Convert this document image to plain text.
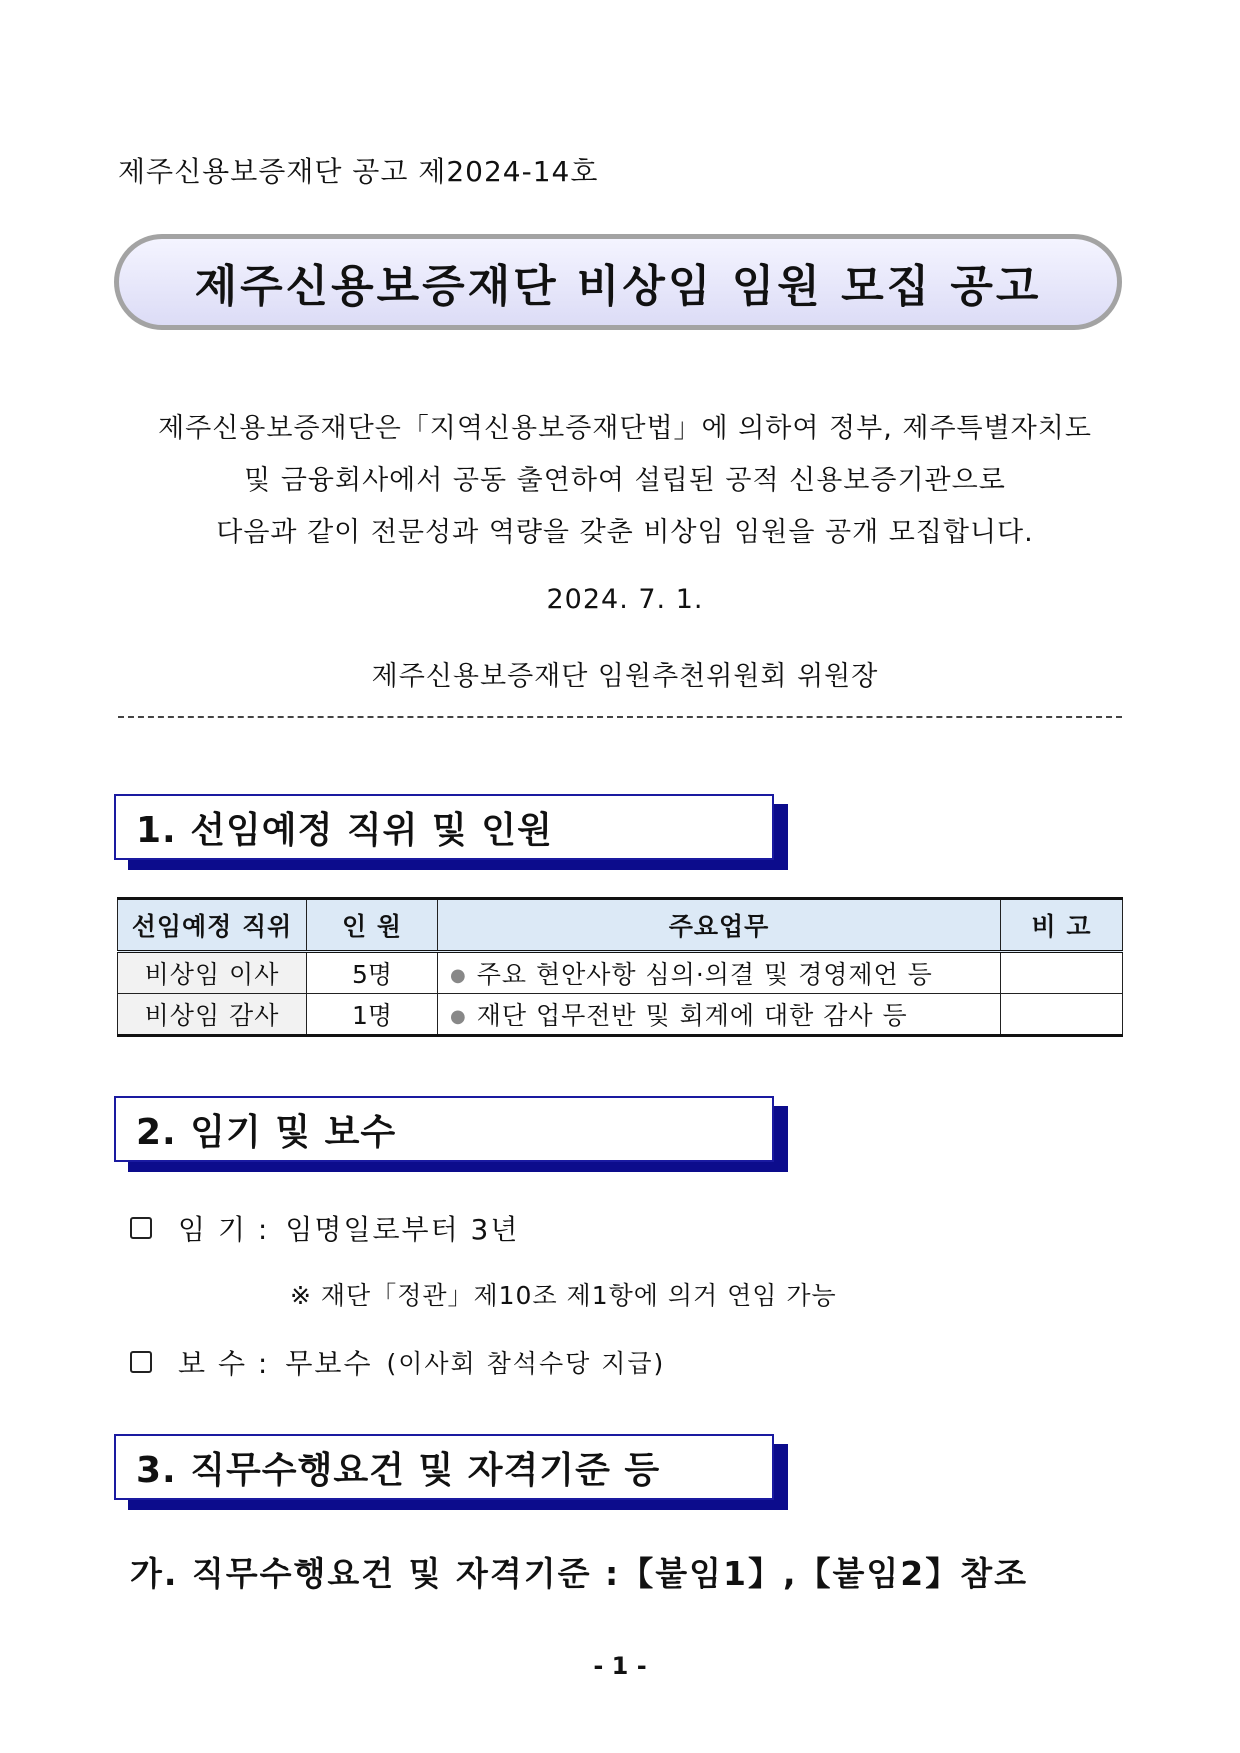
제주신용보증재단 공고 제2024-14호
제주신용보증재단 비상임 임원 모집 공고
제주신용보증재단은「지역신용보증재단법」에 의하여 정부, 제주특별자치도
및 금융회사에서 공동 출연하여 설립된 공적 신용보증기관으로
다음과 같이 전문성과 역량을 갖춘 비상임 임원을 공개 모집합니다.
2024. 7. 1.
제주신용보증재단 임원추천위원회 위원장
1. 선임예정 직위 및 인원
선임예정 직위	인 원	주요업무	비 고
비상임 이사	5명	● 주요 현안사항 심의·의결 및 경영제언 등	
비상임 감사	1명	● 재단 업무전반 및 회계에 대한 감사 등	
2. 임기 및 보수
임 기 : 임명일로부터 3년
※ 재단「정관」제10조 제1항에 의거 연임 가능
보 수 : 무보수 (이사회 참석수당 지급)
3. 직무수행요건 및 자격기준 등
가. 직무수행요건 및 자격기준 :【붙임1】,【붙임2】참조
- 1 -
